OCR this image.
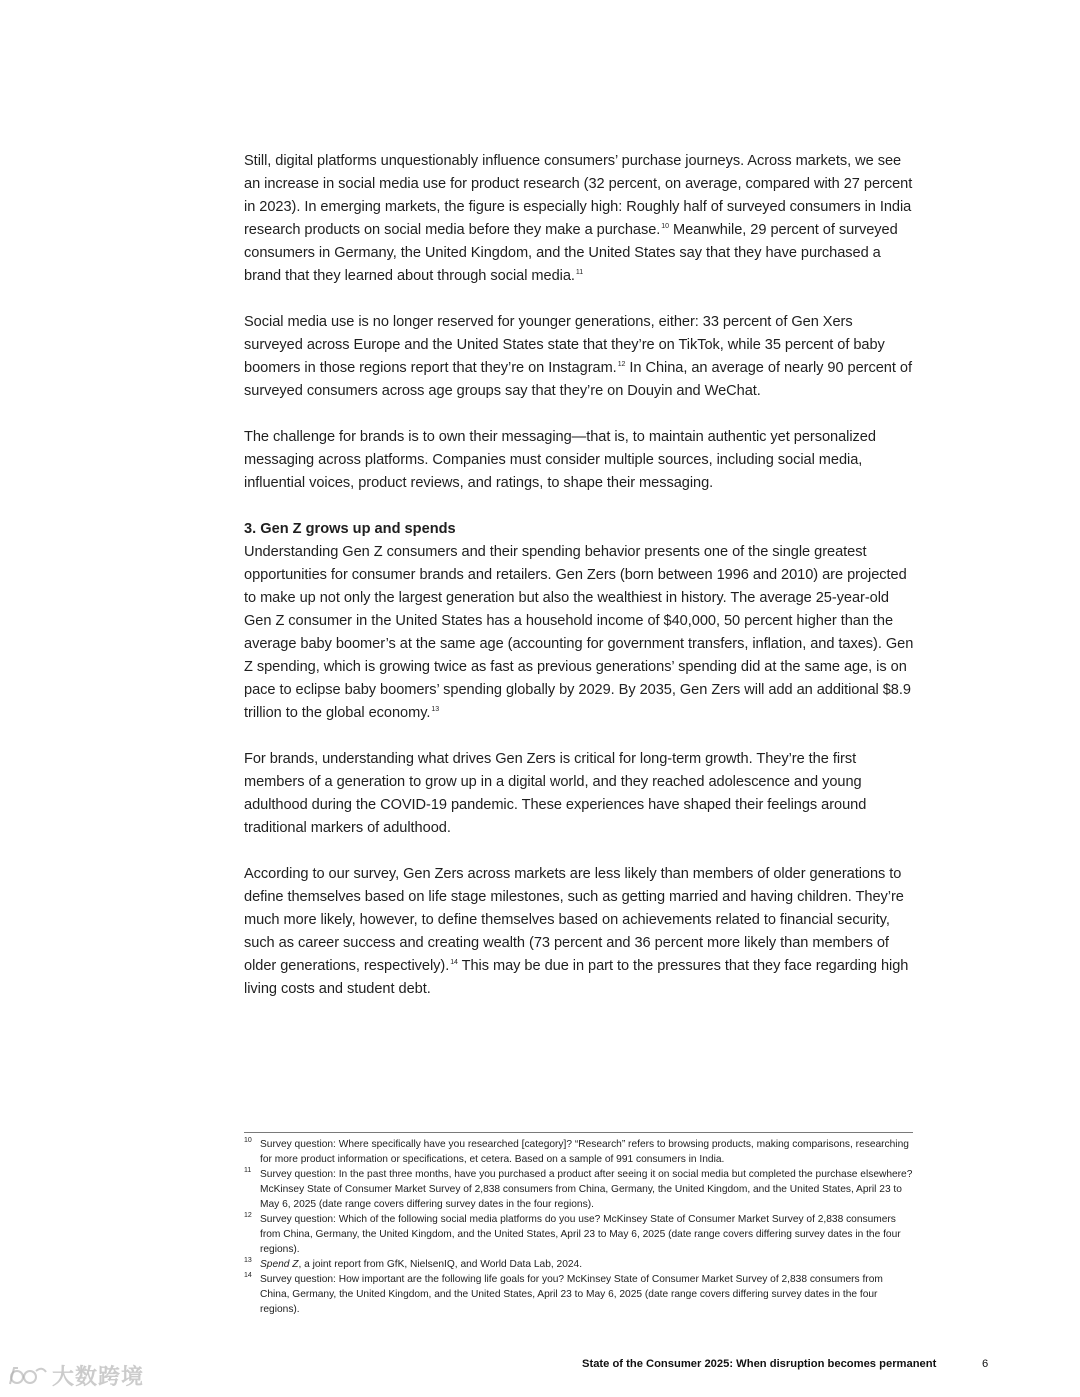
Still, digital platforms unquestionably influence consumers’ purchase journeys. Across markets, we see an increase in social media use for product research (32 percent, on average, compared with 27 percent in 2023). In emerging markets, the figure is especially high: Roughly half of surveyed consumers in India research products on social media before they make a purchase.$^{10}$ Meanwhile, 29 percent of surveyed consumers in Germany, the United Kingdom, and the United States say that they have purchased a brand that they learned about through social media.$^{11}$

Social media use is no longer reserved for younger generations, either: 33 percent of Gen Xers surveyed across Europe and the United States state that they’re on TikTok, while 35 percent of baby boomers in those regions report that they’re on Instagram.$^{12}$ In China, an average of nearly 90 percent of surveyed consumers across age groups say that they’re on Douyin and WeChat.

The challenge for brands is to own their messaging—that is, to maintain authentic yet personalized messaging across platforms. Companies must consider multiple sources, including social media, influential voices, product reviews, and ratings, to shape their messaging.

3. Gen Z grows up and spends

Understanding Gen Z consumers and their spending behavior presents one of the single greatest opportunities for consumer brands and retailers. Gen Zers (born between 1996 and 2010) are projected to make up not only the largest generation but also the wealthiest in history. The average 25-year-old Gen Z consumer in the United States has a household income of $40,000, 50 percent higher than the average baby boomer’s at the same age (accounting for government transfers, inflation, and taxes). Gen Z spending, which is growing twice as fast as previous generations’ spending did at the same age, is on pace to eclipse baby boomers’ spending globally by 2029. By 2035, Gen Zers will add an additional $8.9 trillion to the global economy.$^{13}$

For brands, understanding what drives Gen Zers is critical for long-term growth. They’re the first members of a generation to grow up in a digital world, and they reached adolescence and young adulthood during the COVID-19 pandemic. These experiences have shaped their feelings around traditional markers of adulthood.

According to our survey, Gen Zers across markets are less likely than members of older generations to define themselves based on life stage milestones, such as getting married and having children. They’re much more likely, however, to define themselves based on achievements related to financial security, such as career success and creating wealth (73 percent and 36 percent more likely than members of older generations, respectively).$^{14}$ This may be due in part to the pressures that they face regarding high living costs and student debt.

10 Survey question: Where specifically have you researched [category]? “Research” refers to browsing products, making comparisons, researching for more product information or specifications, et cetera. Based on a sample of 991 consumers in India.
11 Survey question: In the past three months, have you purchased a product after seeing it on social media but completed the purchase elsewhere? McKinsey State of Consumer Market Survey of 2,838 consumers from China, Germany, the United Kingdom, and the United States, April 23 to May 6, 2025 (date range covers differing survey dates in the four regions).
12 Survey question: Which of the following social media platforms do you use? McKinsey State of Consumer Market Survey of 2,838 consumers from China, Germany, the United Kingdom, and the United States, April 23 to May 6, 2025 (date range covers differing survey dates in the four regions).
13 Spend Z, a joint report from GfK, NielsenIQ, and World Data Lab, 2024.
14 Survey question: How important are the following life goals for you? McKinsey State of Consumer Market Survey of 2,838 consumers from China, Germany, the United Kingdom, and the United States, April 23 to May 6, 2025 (date range covers differing survey dates in the four regions).
State of the Consumer 2025: When disruption becomes permanent	6
大数跨境
